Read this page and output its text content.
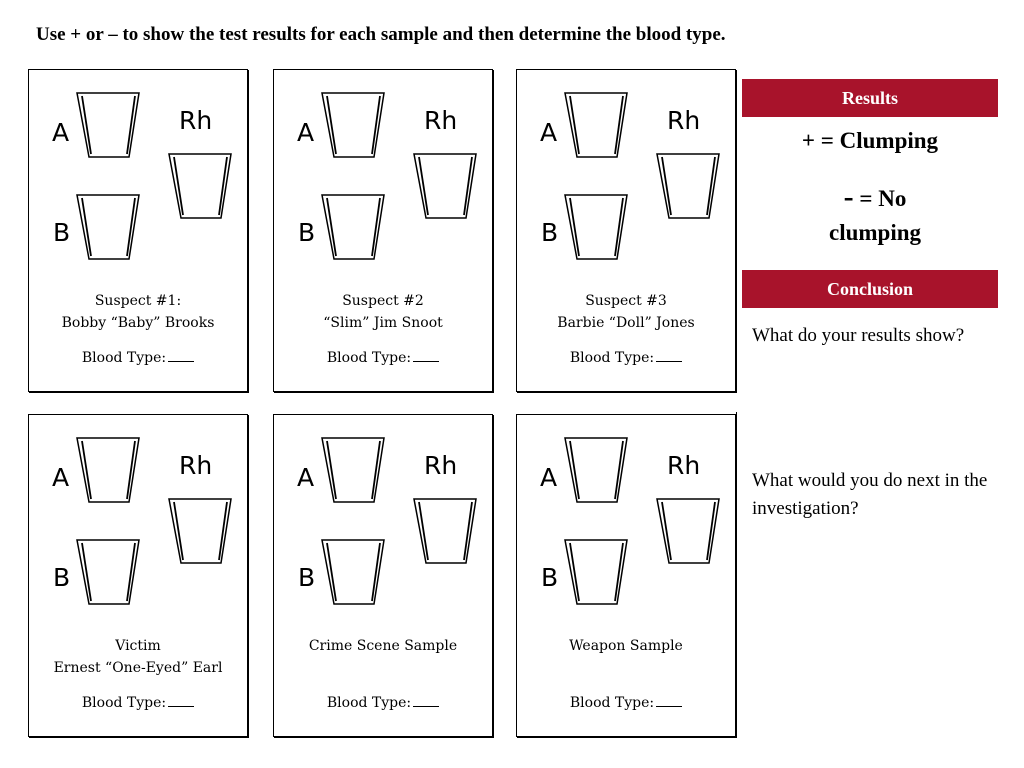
Use + or – to show the test results for each sample and then determine the blood type.
A	Rh
B
Suspect #1:
Bobby “Baby” Brooks
Blood Type:
A	Rh
B
Suspect #2
“Slim” Jim Snoot
Blood Type:
A	Rh
B
Suspect #3
Barbie “Doll” Jones
Blood Type:
A	Rh
B
Victim
Ernest “One-Eyed” Earl
Blood Type:
A	Rh
B
Crime Scene Sample
Blood Type:
A	Rh
B
Weapon Sample
Blood Type:
Results
+ = Clumping
- = No clumping
Conclusion
What do your results show?
What would you do next in the investigation?
